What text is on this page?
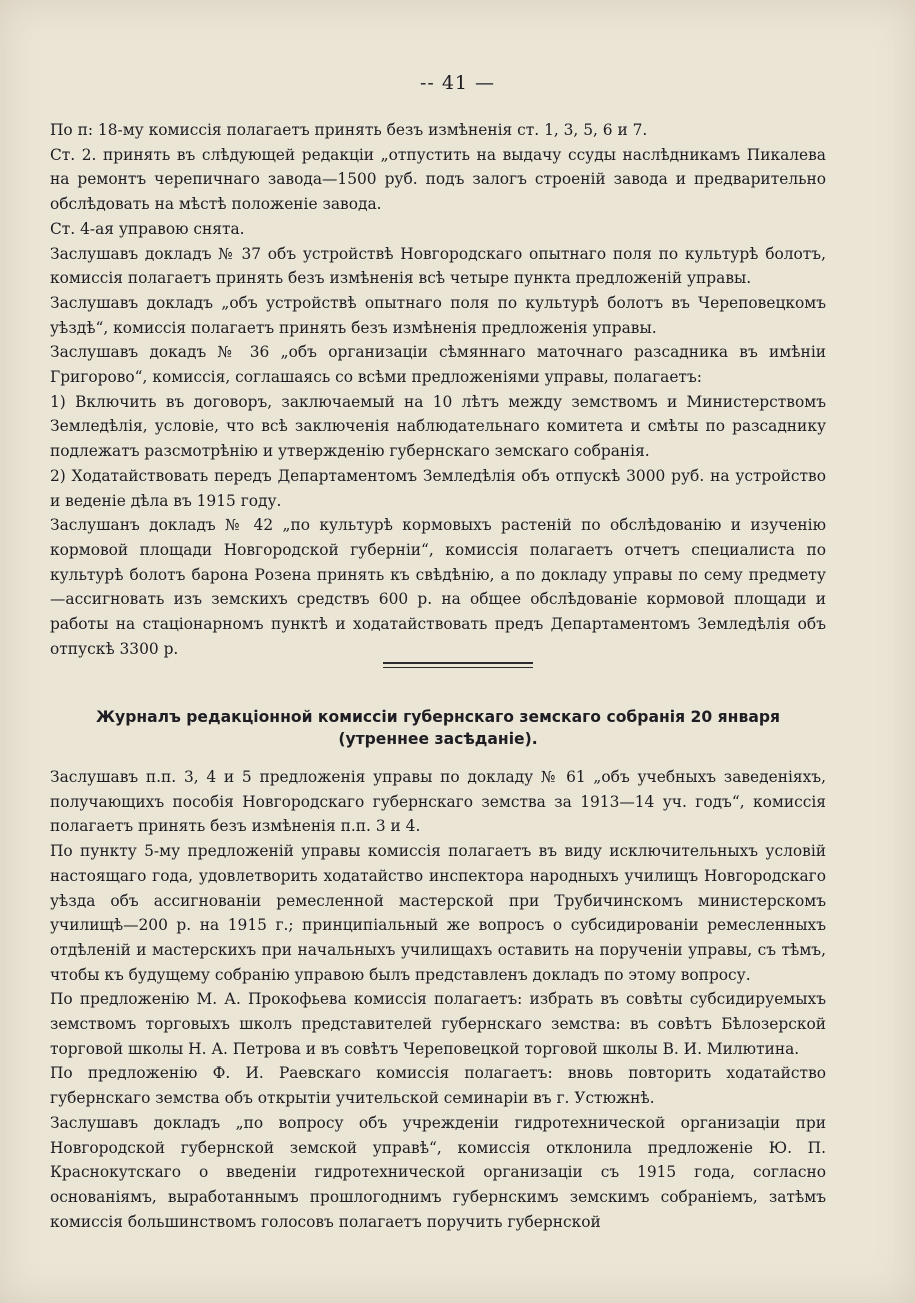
-- 41 —

По п: 18-му комиссія полагаетъ принять безъ измѣненія ст. 1, 3, 5, 6 и 7.

Ст. 2. принять въ слѣдующей редакціи „отпустить на выдачу ссуды наслѣдникамъ Пикалева на ремонтъ черепичнаго завода—1500 руб. подъ залогъ строеній завода и предварительно обслѣдовать на мѣстѣ положеніе завода.

Ст. 4-ая управою снята.

Заслушавъ докладъ № 37 объ устройствѣ Новгородскаго опытнаго поля по культурѣ болотъ, комиссія полагаетъ принять безъ измѣненія всѣ четыре пункта предложеній управы.

Заслушавъ докладъ „объ устройствѣ опытнаго поля по культурѣ болотъ въ Череповецкомъ уѣздѣ“, комиссія полагаетъ принять безъ измѣненія предложенія управы.

Заслушавъ докадъ № 36 „объ организаціи сѣмяннаго маточнаго разсадника въ имѣніи Григорово“, комиссія, соглашаясь со всѣми предложеніями управы, полагаетъ:

1) Включить въ договоръ, заключаемый на 10 лѣтъ между земствомъ и Министерствомъ Земледѣлія, условіе, что всѣ заключенія наблюдательнаго комитета и смѣты по разсаднику подлежатъ разсмотрѣнію и утвержденію губернскаго земскаго собранія.

2) Ходатайствовать передъ Департаментомъ Земледѣлія объ отпускѣ 3000 руб. на устройство и веденіе дѣла въ 1915 году.

Заслушанъ докладъ № 42 „по культурѣ кормовыхъ растеній по обслѣдованію и изученію кормовой площади Новгородской губерніи“, комиссія полагаетъ отчетъ специалиста по культурѣ болотъ барона Розена принять къ свѣдѣнію, а по докладу управы по сему предмету—ассигновать изъ земскихъ средствъ 600 р. на общее обслѣдованіе кормовой площади и работы на стаціонарномъ пунктѣ и ходатайствовать предъ Департаментомъ Земледѣлія объ отпускѣ 3300 р.

Журналъ редакціонной комиссіи губернскаго земскаго собранія 20 января (утреннее засѣданіе).

Заслушавъ п.п. 3, 4 и 5 предложенія управы по докладу № 61 „объ учебныхъ заведеніяхъ, получающихъ пособія Новгородскаго губернскаго земства за 1913—14 уч. годъ“, комиссія полагаетъ принять безъ измѣненія п.п. 3 и 4.

По пункту 5-му предложеній управы комиссія полагаетъ въ виду исключительныхъ условій настоящаго года, удовлетворить ходатайство инспектора народныхъ училищъ Новгородскаго уѣзда объ ассигнованіи ремесленной мастерской при Трубичинскомъ министерскомъ училищѣ—200 р. на 1915 г.; принципіальный же вопросъ о субсидированіи ремесленныхъ отдѣленій и мастерскихъ при начальныхъ училищахъ оставить на порученіи управы, съ тѣмъ, чтобы къ будущему собранію управою былъ представленъ докладъ по этому вопросу.

По предложенію М. А. Прокофьева комиссія полагаетъ: избрать въ совѣты субсидируемыхъ земствомъ торговыхъ школъ представителей губернскаго земства: въ совѣтъ Бѣлозерской торговой школы Н. А. Петрова и въ совѣтъ Череповецкой торговой школы В. И. Милютина.

По предложенію Ф. И. Раевскаго комиссія полагаетъ: вновь повторить ходатайство губернскаго земства объ открытіи учительской семинаріи въ г. Устюжнѣ.

Заслушавъ докладъ „по вопросу объ учрежденіи гидротехнической организаціи при Новгородской губернской земской управѣ“, комиссія отклонила предложеніе Ю. П. Краснокутскаго о введеніи гидротехнической организаціи съ 1915 года, согласно основаніямъ, выработаннымъ прошлогоднимъ губернскимъ земскимъ собраніемъ, затѣмъ комиссія большинствомъ голосовъ полагаетъ поручить губернской
